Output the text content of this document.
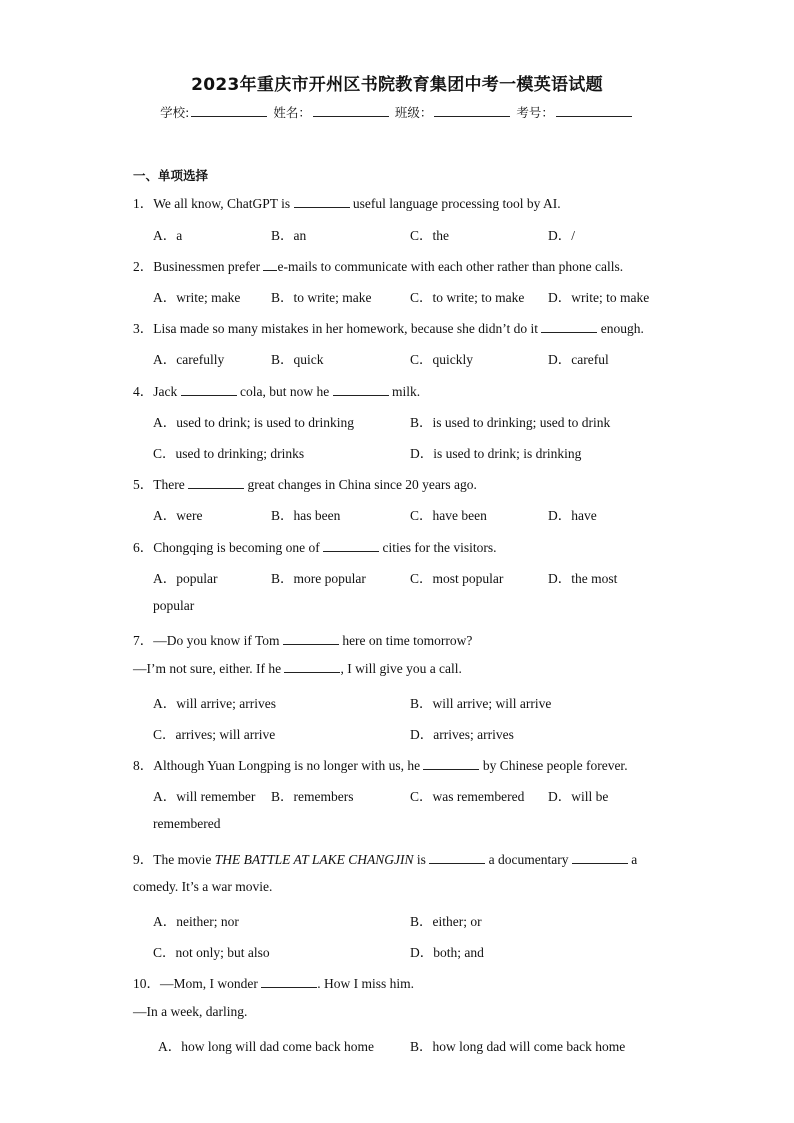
2023年重庆市开州区书院教育集团中考一模英语试题
学校:	姓名：	班级：	考号：
一、单项选择
1．We all know, ChatGPT is	useful language processing tool by AI.
A．a	B．an	C．the	D．/
2．Businessmen prefer e-mails to communicate with each other rather than phone calls.
A．write; make B．to write; make	C．to write; to make D．write; to make
3．Lisa made so many mistakes in her homework, because she didn’t do it	enough.
A．carefully	B．quick	C．quickly	D．careful
4．Jack	cola, but now he	milk.
A．used to drink; is used to drinking	B．is used to drinking; used to drink
C．used to drinking; drinks	D．is used to drink; is drinking
5．There	great changes in China since 20 years ago.
A．were	B．has been	C．have been	D．have
6．Chongqing is becoming one of	cities for the visitors.
A．popular	B．more popular	C．most popular	D．the most
popular
7．—Do you know if Tom	here on time tomorrow?
—I’m not sure, either. If he	, I will give you a call.
A．will arrive; arrives	B．will arrive; will arrive
C．arrives; will arrive	D．arrives; arrives
8．Although Yuan Longping is no longer with us, he	by Chinese people forever.
A．will remember B．remembers	C．was remembered D．will be
remembered
9．The movie THE BATTLE AT LAKE CHANGJIN is	a documentary	a
comedy. It’s a war movie.
A．neither; nor	B．either; or
C．not only; but also	D．both; and
10．—Mom, I wonder	. How I miss him.
—In a week, darling.
A．how long will dad come back home	B．how long dad will come back home
